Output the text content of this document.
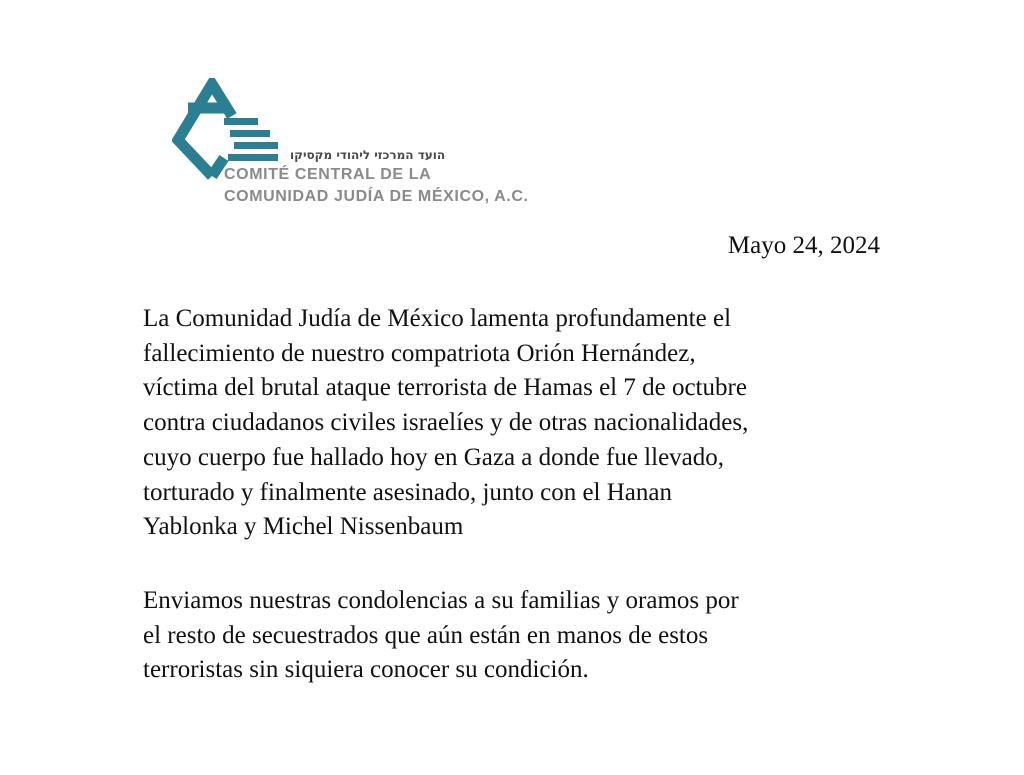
הועד המרכזי ליהודי מקסיקו
COMITÉ CENTRAL DE LA
COMUNIDAD JUDÍA DE MÉXICO, A.C.
Mayo 24, 2024

La Comunidad Judía de México lamenta profundamente el
fallecimiento de nuestro compatriota Orión Hernández,
víctima del brutal ataque terrorista de Hamas el 7 de octubre
contra ciudadanos civiles israelíes y de otras nacionalidades,
cuyo cuerpo fue hallado hoy en Gaza a donde fue llevado,
torturado y finalmente asesinado, junto con el Hanan
Yablonka y Michel Nissenbaum

Enviamos nuestras condolencias a su familias y oramos por
el resto de secuestrados que aún están en manos de estos
terroristas sin siquiera conocer su condición.
